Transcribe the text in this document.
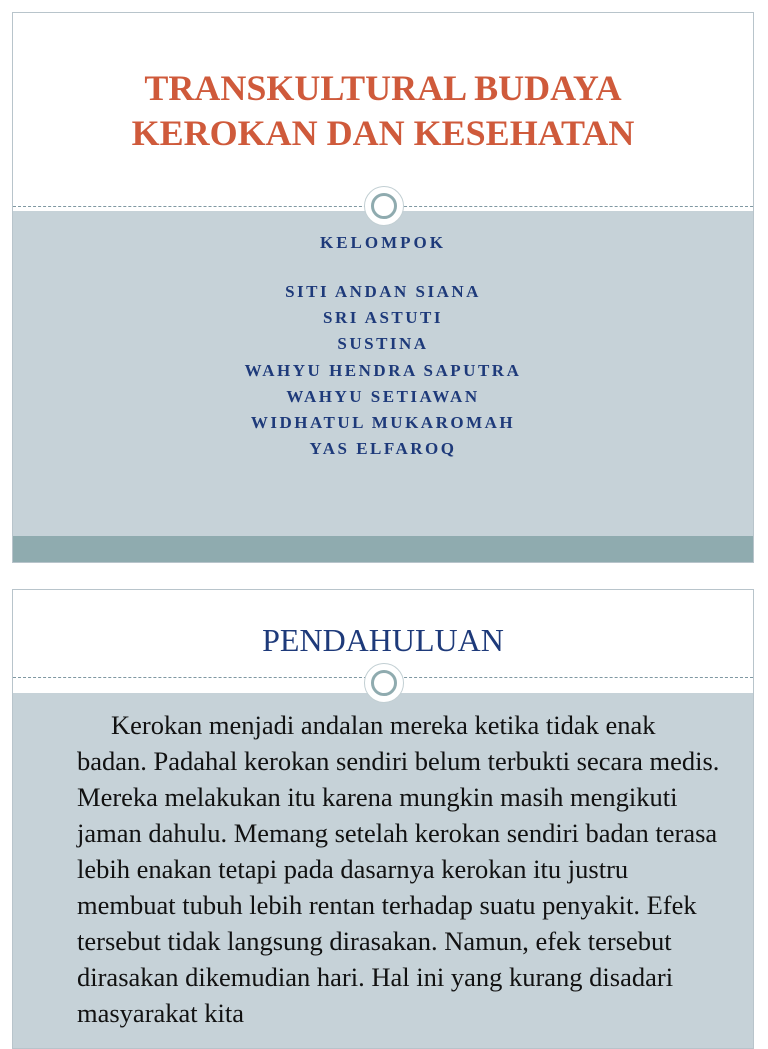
TRANSKULTURAL BUDAYA
KEROKAN DAN KESEHATAN
KELOMPOK
SITI ANDAN SIANA
SRI ASTUTI
SUSTINA
WAHYU HENDRA SAPUTRA
WAHYU SETIAWAN
WIDHATUL MUKAROMAH
YAS ELFAROQ
PENDAHULUAN

Kerokan menjadi andalan mereka ketika tidak enak badan. Padahal kerokan sendiri belum terbukti secara medis. Mereka melakukan itu karena mungkin masih mengikuti jaman dahulu. Memang setelah kerokan sendiri badan terasa lebih enakan tetapi pada dasarnya kerokan itu justru membuat tubuh lebih rentan terhadap suatu penyakit. Efek tersebut tidak langsung dirasakan. Namun, efek tersebut dirasakan dikemudian hari. Hal ini yang kurang disadari masyarakat kita
